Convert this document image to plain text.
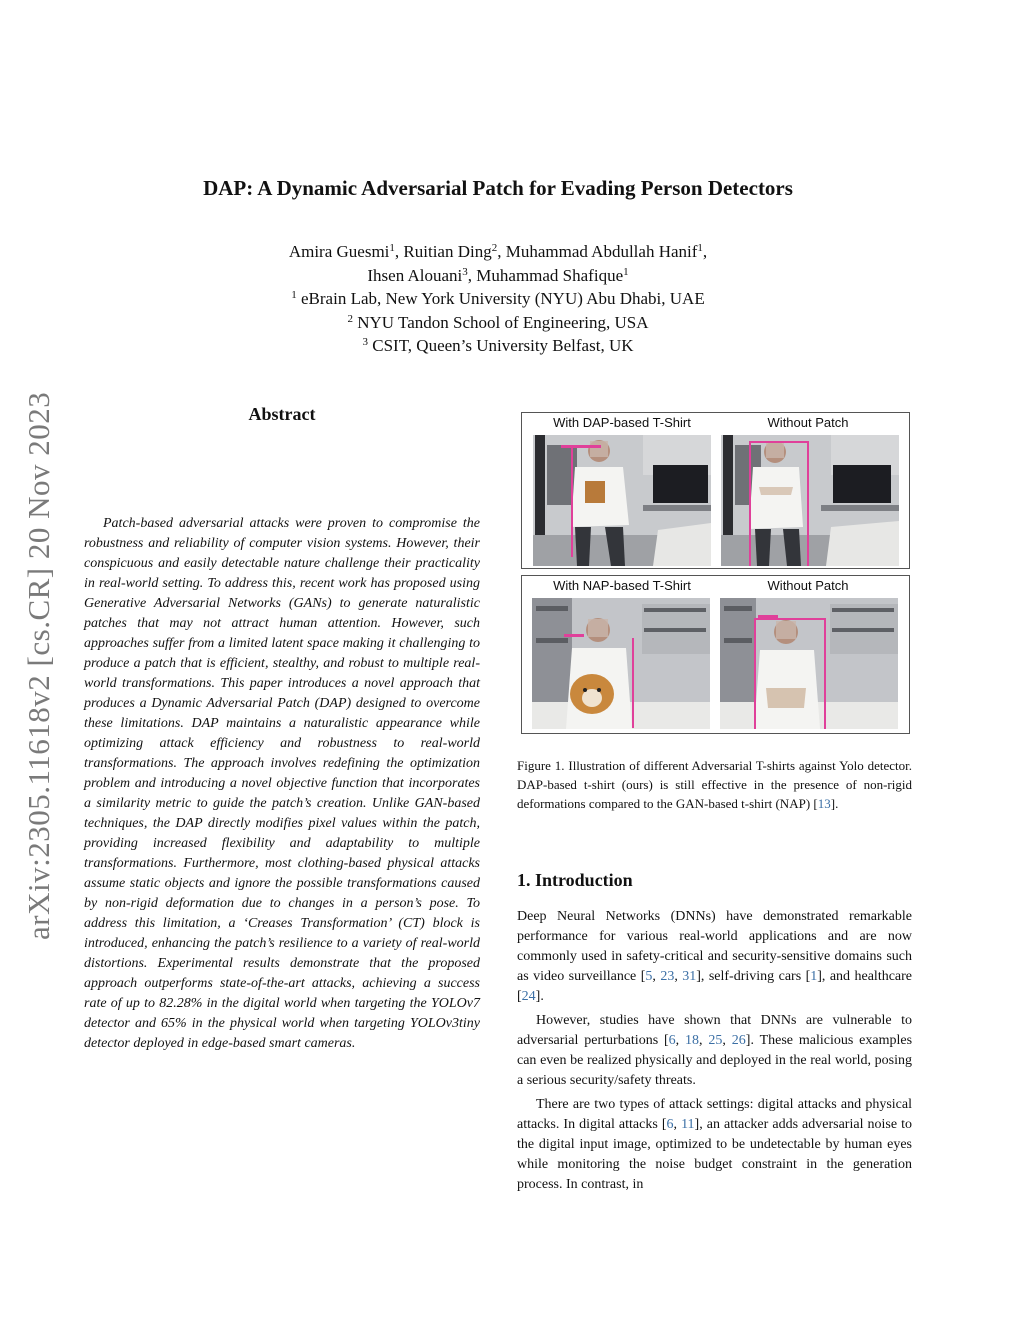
arXiv:2305.11618v2 [cs.CR] 20 Nov 2023
DAP: A Dynamic Adversarial Patch for Evading Person Detectors
Amira Guesmi$^1$, Ruitian Ding$^2$, Muhammad Abdullah Hanif$^1$,
Ihsen Alouani$^3$, Muhammad Shafique$^1$
$^1$ eBrain Lab, New York University (NYU) Abu Dhabi, UAE
$^2$ NYU Tandon School of Engineering, USA
$^3$ CSIT, Queen’s University Belfast, UK
Abstract

Patch-based adversarial attacks were proven to compromise the robustness and reliability of computer vision systems. However, their conspicuous and easily detectable nature challenge their practicality in real-world setting. To address this, recent work has proposed using Generative Adversarial Networks (GANs) to generate naturalistic patches that may not attract human attention. However, such approaches suffer from a limited latent space making it challenging to produce a patch that is efficient, stealthy, and robust to multiple real-world transformations. This paper introduces a novel approach that produces a Dynamic Adversarial Patch (DAP) designed to overcome these limitations. DAP maintains a naturalistic appearance while optimizing attack efficiency and robustness to real-world transformations. The approach involves redefining the optimization problem and introducing a novel objective function that incorporates a similarity metric to guide the patch’s creation. Unlike GAN-based techniques, the DAP directly modifies pixel values within the patch, providing increased flexibility and adaptability to multiple transformations. Furthermore, most clothing-based physical attacks assume static objects and ignore the possible transformations caused by non-rigid deformation due to changes in a person’s pose. To address this limitation, a ‘Creases Transformation’ (CT) block is introduced, enhancing the patch’s resilience to a variety of real-world distortions. Experimental results demonstrate that the proposed approach outperforms state-of-the-art attacks, achieving a success rate of up to 82.28% in the digital world when targeting the YOLOv7 detector and 65% in the physical world when targeting YOLOv3tiny detector deployed in edge-based smart cameras.

With DAP-based T-Shirt	Without Patch
With NAP-based T-Shirt	Without Patch

Figure 1. Illustration of different Adversarial T-shirts against Yolo detector. DAP-based t-shirt (ours) is still effective in the presence of non-rigid deformations compared to the GAN-based t-shirt (NAP) [13].

1. Introduction

Deep Neural Networks (DNNs) have demonstrated remarkable performance for various real-world applications and are now commonly used in safety-critical and security-sensitive domains such as video surveillance [5, 23, 31], self-driving cars [1], and healthcare [24].

However, studies have shown that DNNs are vulnerable to adversarial perturbations [6, 18, 25, 26]. These malicious examples can even be realized physically and deployed in the real world, posing a serious security/safety threats.

There are two types of attack settings: digital attacks and physical attacks. In digital attacks [6, 11], an attacker adds adversarial noise to the digital input image, optimized to be undetectable by human eyes while monitoring the noise budget constraint in the generation process. In contrast, in
